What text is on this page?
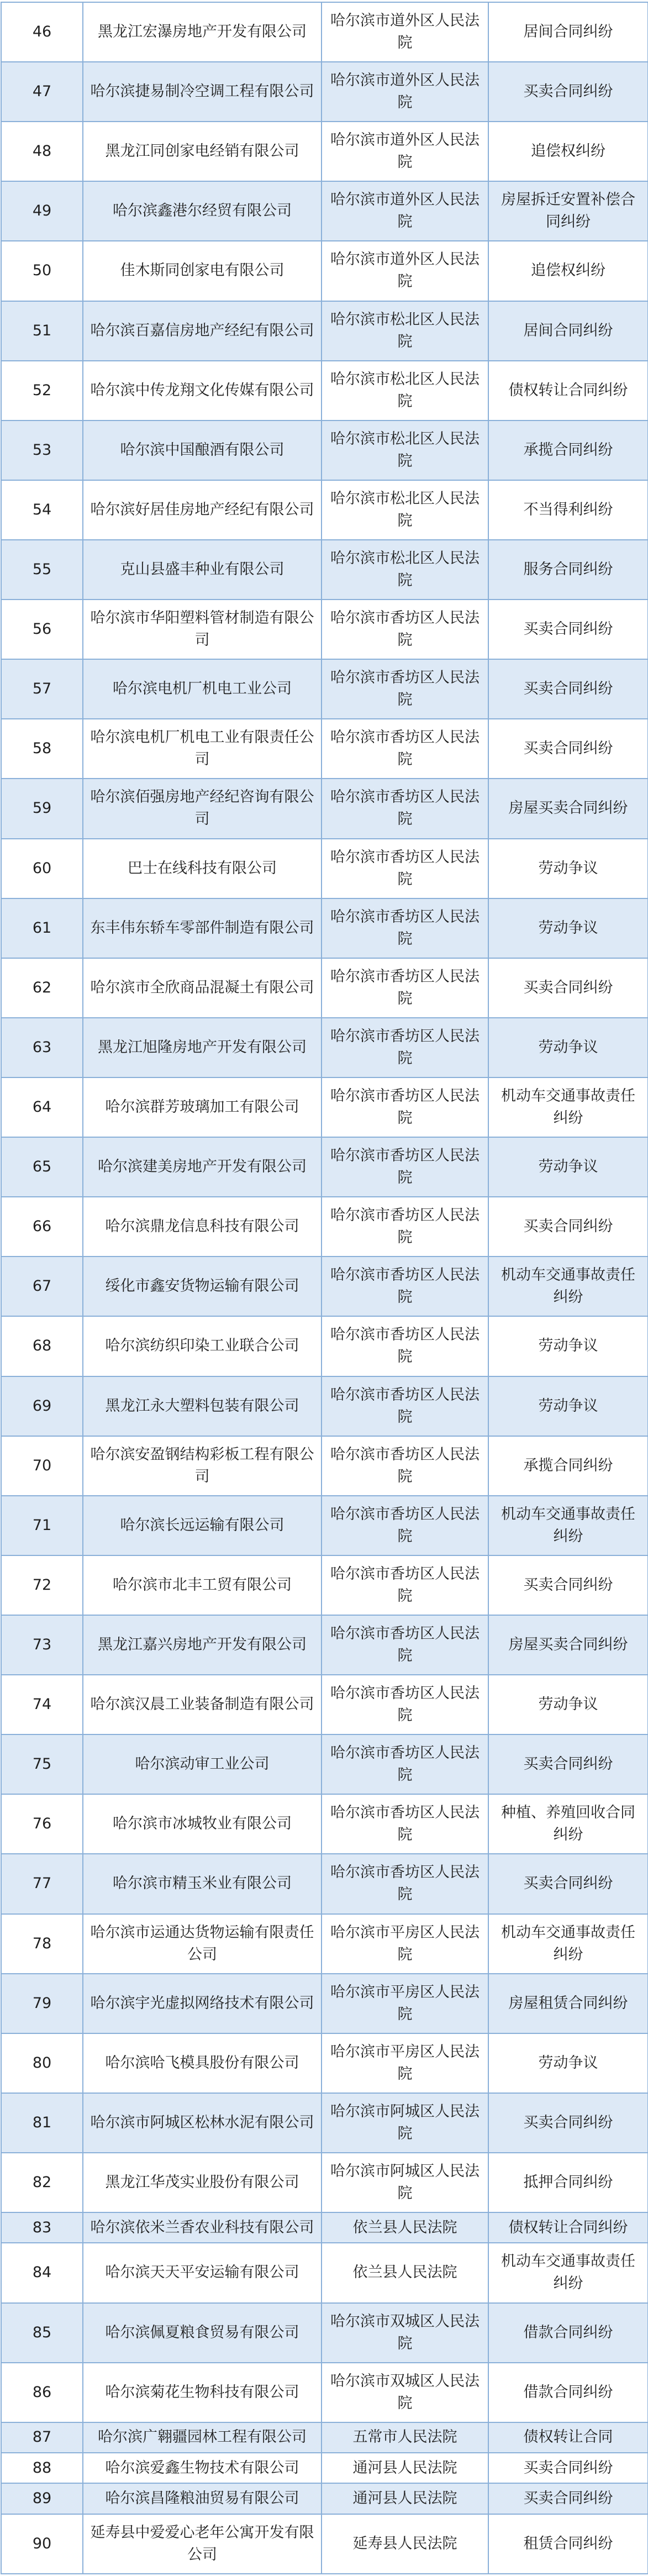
46	黑龙江宏瀑房地产开发有限公司	哈尔滨市道外区人民法院	居间合同纠纷
47	哈尔滨捷易制冷空调工程有限公司	哈尔滨市道外区人民法院	买卖合同纠纷
48	黑龙江同创家电经销有限公司	哈尔滨市道外区人民法院	追偿权纠纷
49	哈尔滨鑫港尔经贸有限公司	哈尔滨市道外区人民法院	房屋拆迁安置补偿合同纠纷
50	佳木斯同创家电有限公司	哈尔滨市道外区人民法院	追偿权纠纷
51	哈尔滨百嘉信房地产经纪有限公司	哈尔滨市松北区人民法院	居间合同纠纷
52	哈尔滨中传龙翔文化传媒有限公司	哈尔滨市松北区人民法院	债权转让合同纠纷
53	哈尔滨中国酿酒有限公司	哈尔滨市松北区人民法院	承揽合同纠纷
54	哈尔滨好居佳房地产经纪有限公司	哈尔滨市松北区人民法院	不当得利纠纷
55	克山县盛丰种业有限公司	哈尔滨市松北区人民法院	服务合同纠纷
56	哈尔滨市华阳塑料管材制造有限公司	哈尔滨市香坊区人民法院	买卖合同纠纷
57	哈尔滨电机厂机电工业公司	哈尔滨市香坊区人民法院	买卖合同纠纷
58	哈尔滨电机厂机电工业有限责任公司	哈尔滨市香坊区人民法院	买卖合同纠纷
59	哈尔滨佰强房地产经纪咨询有限公司	哈尔滨市香坊区人民法院	房屋买卖合同纠纷
60	巴士在线科技有限公司	哈尔滨市香坊区人民法院	劳动争议
61	东丰伟东轿车零部件制造有限公司	哈尔滨市香坊区人民法院	劳动争议
62	哈尔滨市全欣商品混凝土有限公司	哈尔滨市香坊区人民法院	买卖合同纠纷
63	黑龙江旭隆房地产开发有限公司	哈尔滨市香坊区人民法院	劳动争议
64	哈尔滨群芳玻璃加工有限公司	哈尔滨市香坊区人民法院	机动车交通事故责任纠纷
65	哈尔滨建美房地产开发有限公司	哈尔滨市香坊区人民法院	劳动争议
66	哈尔滨鼎龙信息科技有限公司	哈尔滨市香坊区人民法院	买卖合同纠纷
67	绥化市鑫安货物运输有限公司	哈尔滨市香坊区人民法院	机动车交通事故责任纠纷
68	哈尔滨纺织印染工业联合公司	哈尔滨市香坊区人民法院	劳动争议
69	黑龙江永大塑料包装有限公司	哈尔滨市香坊区人民法院	劳动争议
70	哈尔滨安盈钢结构彩板工程有限公司	哈尔滨市香坊区人民法院	承揽合同纠纷
71	哈尔滨长远运输有限公司	哈尔滨市香坊区人民法院	机动车交通事故责任纠纷
72	哈尔滨市北丰工贸有限公司	哈尔滨市香坊区人民法院	买卖合同纠纷
73	黑龙江嘉兴房地产开发有限公司	哈尔滨市香坊区人民法院	房屋买卖合同纠纷
74	哈尔滨汉晨工业装备制造有限公司	哈尔滨市香坊区人民法院	劳动争议
75	哈尔滨动审工业公司	哈尔滨市香坊区人民法院	买卖合同纠纷
76	哈尔滨市冰城牧业有限公司	哈尔滨市香坊区人民法院	种植、养殖回收合同纠纷
77	哈尔滨市精玉米业有限公司	哈尔滨市香坊区人民法院	买卖合同纠纷
78	哈尔滨市运通达货物运输有限责任公司	哈尔滨市平房区人民法院	机动车交通事故责任纠纷
79	哈尔滨宇光虚拟网络技术有限公司	哈尔滨市平房区人民法院	房屋租赁合同纠纷
80	哈尔滨哈飞模具股份有限公司	哈尔滨市平房区人民法院	劳动争议
81	哈尔滨市阿城区松林水泥有限公司	哈尔滨市阿城区人民法院	买卖合同纠纷
82	黑龙江华茂实业股份有限公司	哈尔滨市阿城区人民法院	抵押合同纠纷
83	哈尔滨依米兰香农业科技有限公司	依兰县人民法院	债权转让合同纠纷
84	哈尔滨天天平安运输有限公司	依兰县人民法院	机动车交通事故责任纠纷
85	哈尔滨佩夏粮食贸易有限公司	哈尔滨市双城区人民法院	借款合同纠纷
86	哈尔滨菊花生物科技有限公司	哈尔滨市双城区人民法院	借款合同纠纷
87	哈尔滨广翱疆园林工程有限公司	五常市人民法院	债权转让合同
88	哈尔滨爱鑫生物技术有限公司	通河县人民法院	买卖合同纠纷
89	哈尔滨昌隆粮油贸易有限公司	通河县人民法院	买卖合同纠纷
90	延寿县中爱爱心老年公寓开发有限公司	延寿县人民法院	租赁合同纠纷
